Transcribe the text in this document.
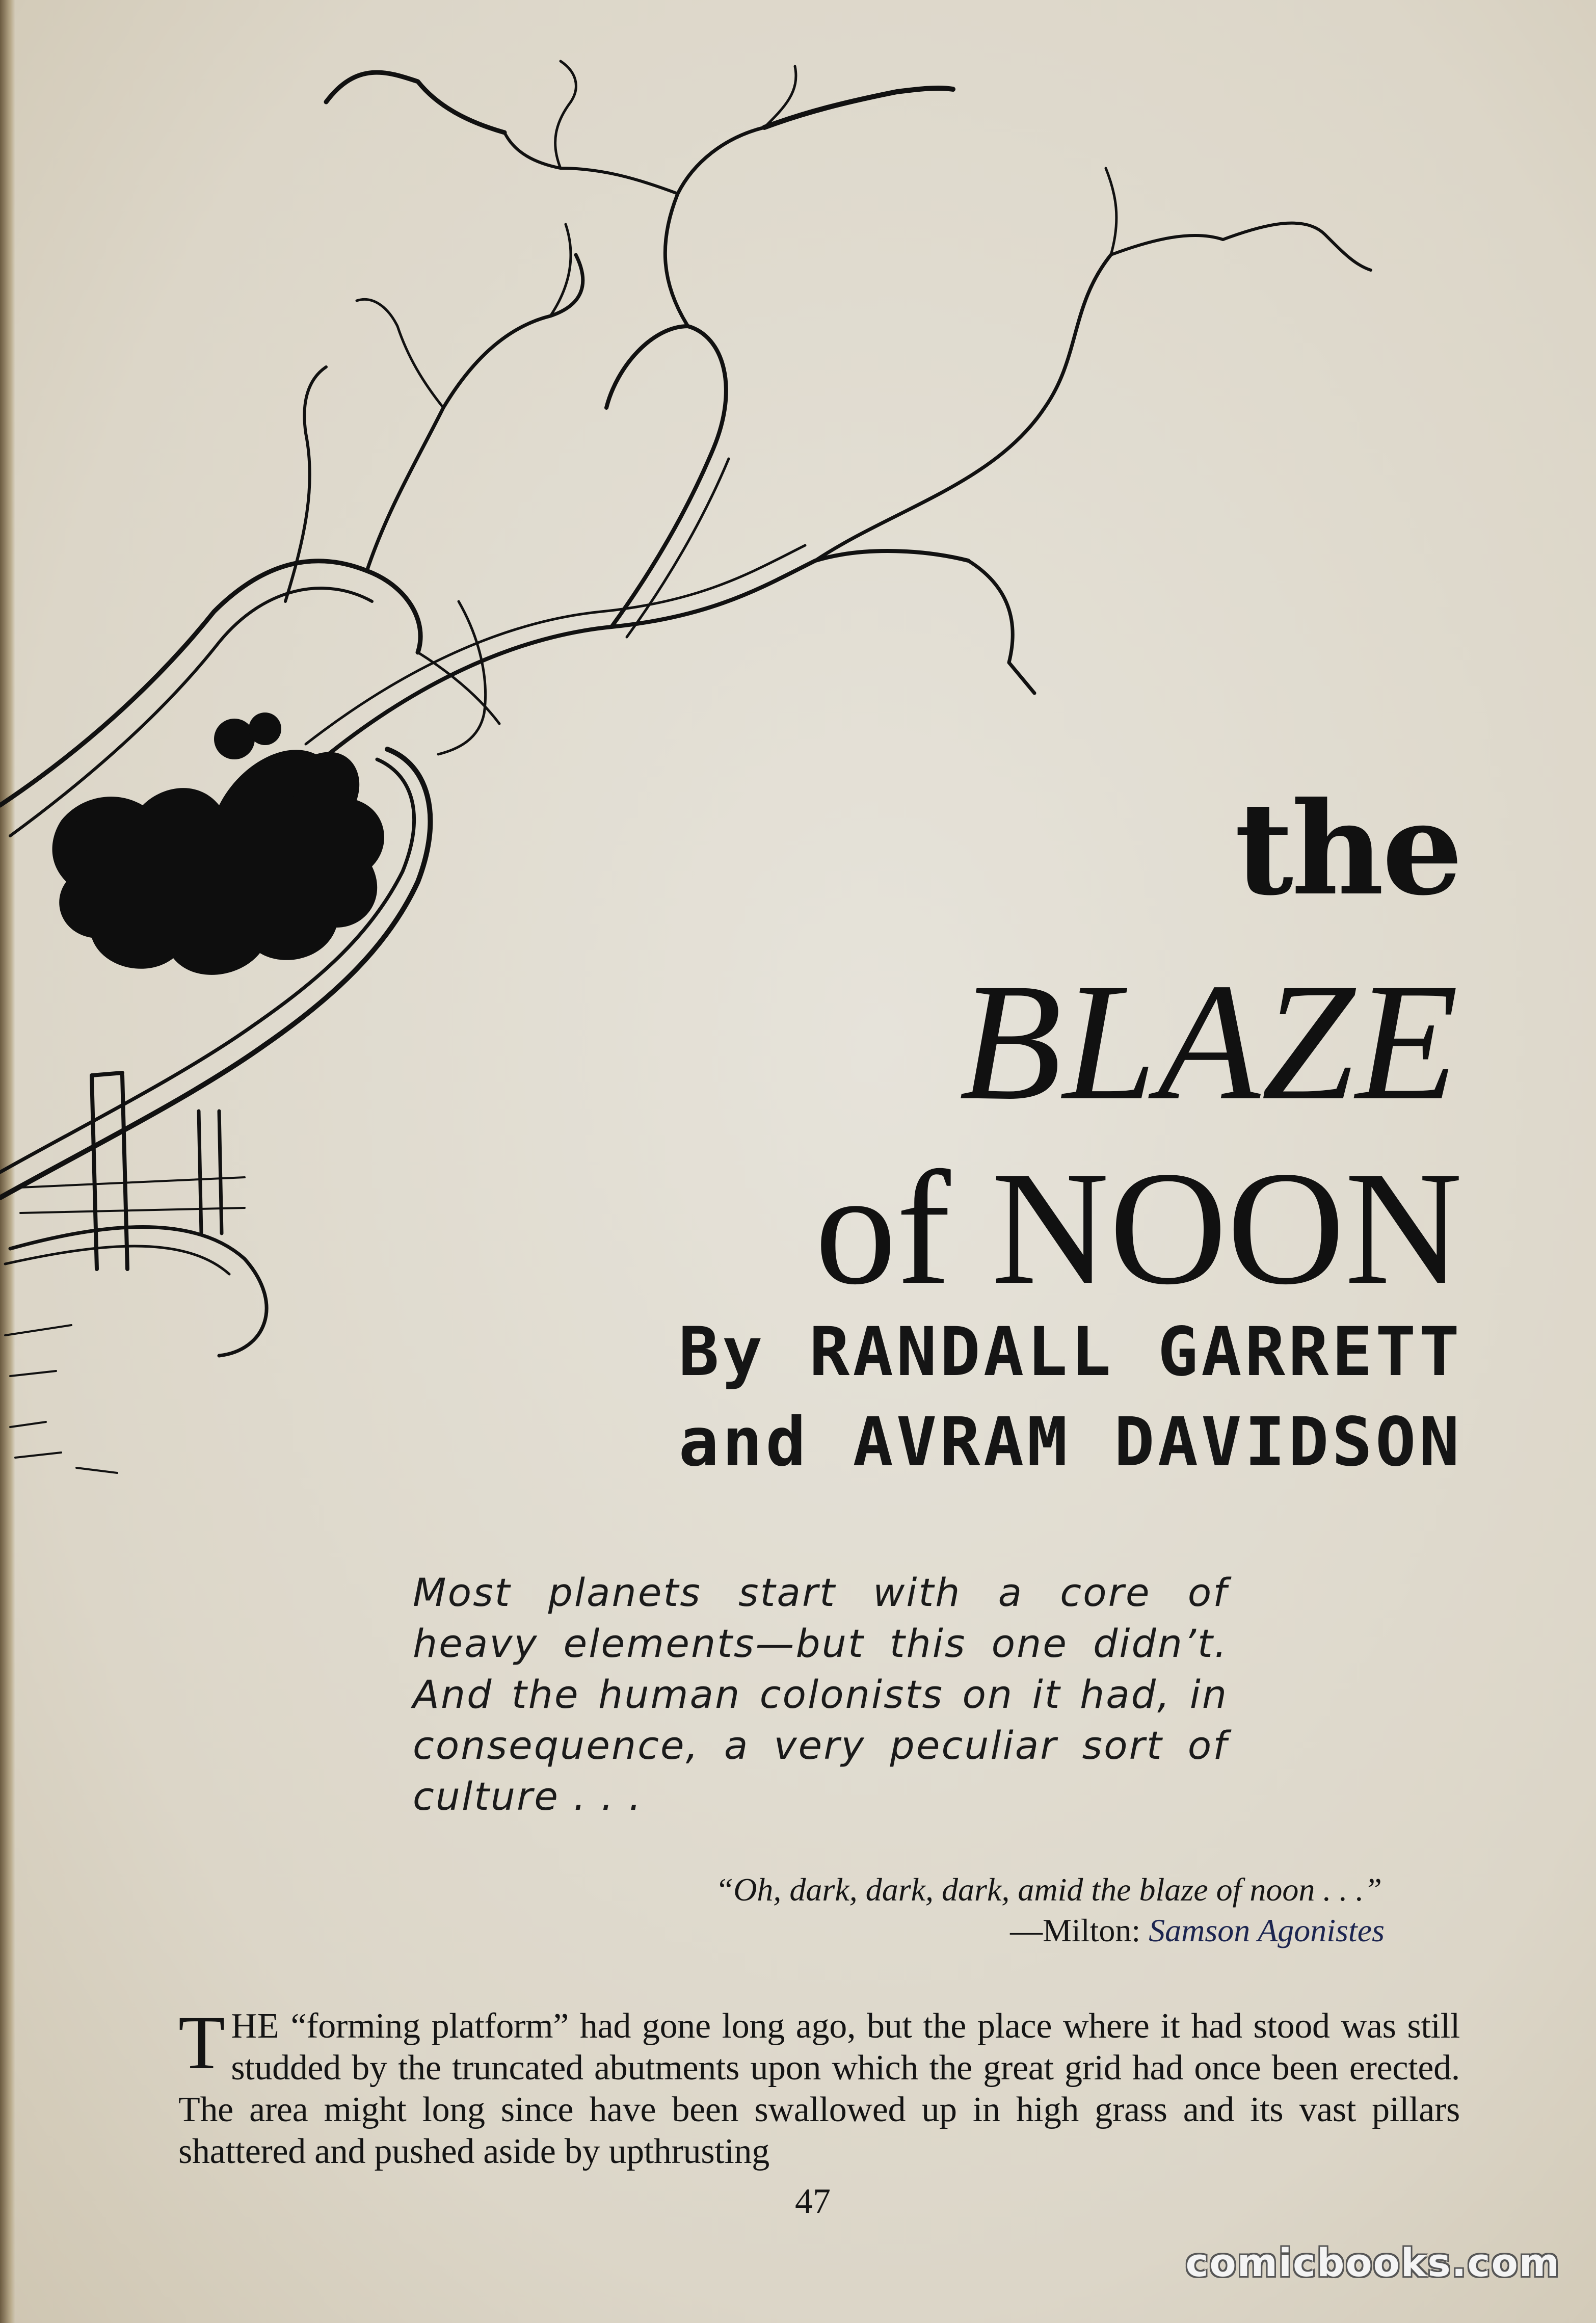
the
BLAZE
of NOON
By RANDALL GARRETT
and AVRAM DAVIDSON
Most planets start with a core of heavy elements—but this one didn’t. And the human colonists on it had, in consequence, a very peculiar sort of culture . . .
“Oh, dark, dark, dark, amid the blaze of noon . . .”
—Milton: Samson Agonistes
THE “forming platform” had gone long ago, but the place where it had stood was still studded by the truncated abutments upon which the great grid had once been erected. The area might long since have been swallowed up in high grass and its vast pillars shattered and pushed aside by upthrusting
47
comicbooks.com
